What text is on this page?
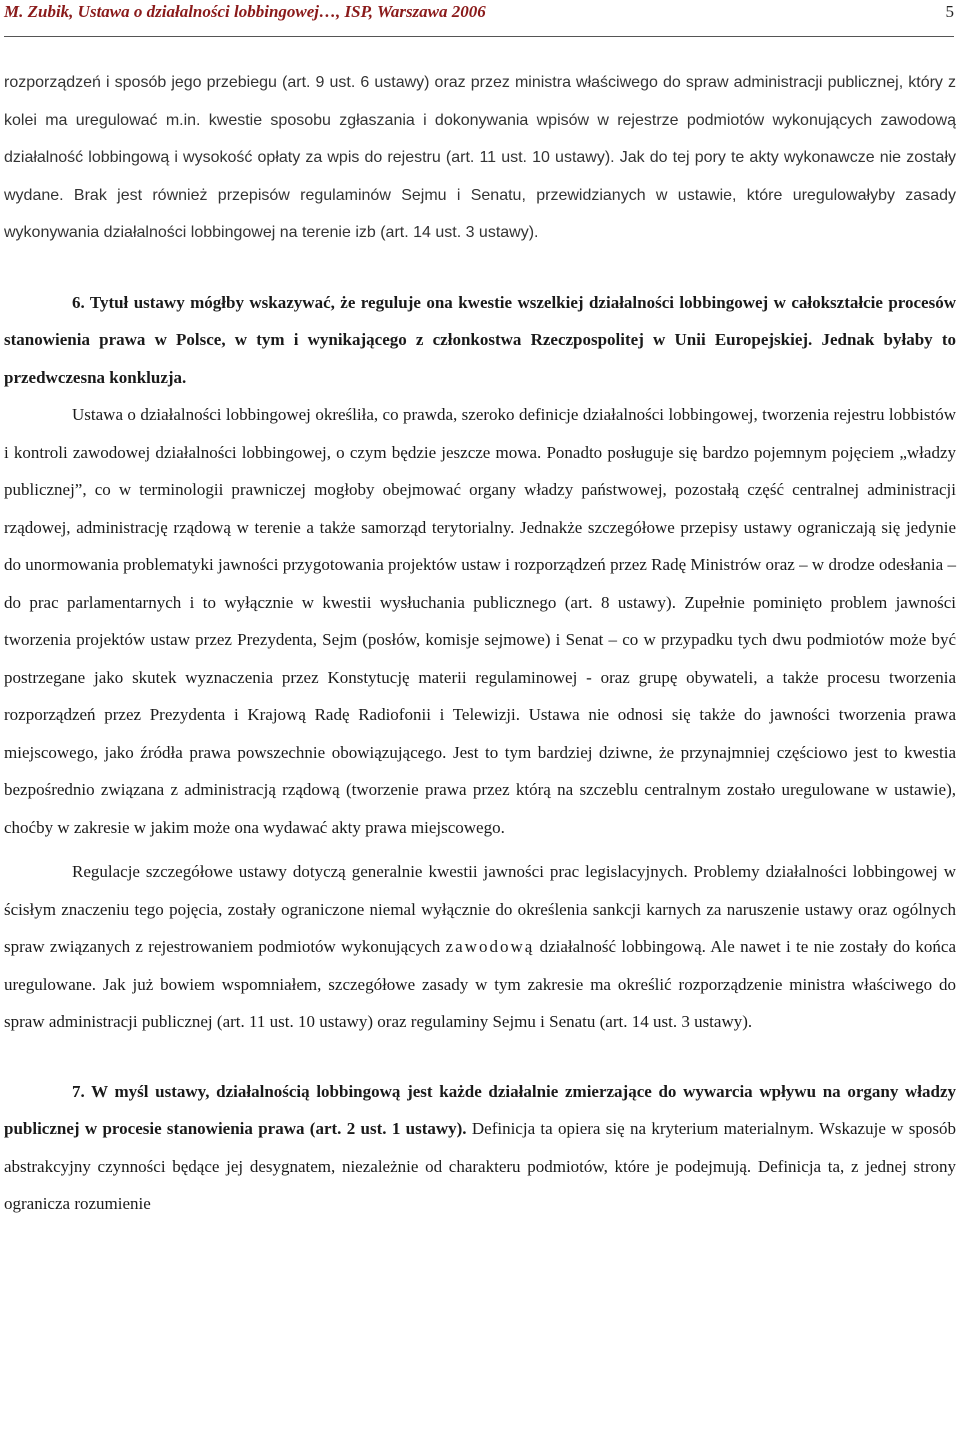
M. Zubik, Ustawa o działalności lobbingowej…, ISP, Warszawa 2006	5

rozporządzeń i sposób jego przebiegu (art. 9 ust. 6 ustawy) oraz przez ministra właściwego do spraw administracji publicznej, który z kolei ma uregulować m.in. kwestie sposobu zgłaszania i dokonywania wpisów w rejestrze podmiotów wykonujących zawodową działalność lobbingową i wysokość opłaty za wpis do rejestru (art. 11 ust. 10 ustawy). Jak do tej pory te akty wykonawcze nie zostały wydane. Brak jest również przepisów regulaminów Sejmu i Senatu, przewidzianych w ustawie, które uregulowałyby zasady wykonywania działalności lobbingowej na terenie izb (art. 14 ust. 3 ustawy).

6. Tytuł ustawy mógłby wskazywać, że reguluje ona kwestie wszelkiej działalności lobbingowej w całokształcie procesów stanowienia prawa w Polsce, w tym i wynikającego z członkostwa Rzeczpospolitej w Unii Europejskiej. Jednak byłaby to przedwczesna konkluzja.

Ustawa o działalności lobbingowej określiła, co prawda, szeroko definicje działalności lobbingowej, tworzenia rejestru lobbistów i kontroli zawodowej działalności lobbingowej, o czym będzie jeszcze mowa. Ponadto posługuje się bardzo pojemnym pojęciem „władzy publicznej”, co w terminologii prawniczej mogłoby obejmować organy władzy państwowej, pozostałą część centralnej administracji rządowej, administrację rządową w terenie a także samorząd terytorialny. Jednakże szczegółowe przepisy ustawy ograniczają się jedynie do unormowania problematyki jawności przygotowania projektów ustaw i rozporządzeń przez Radę Ministrów oraz – w drodze odesłania – do prac parlamentarnych i to wyłącznie w kwestii wysłuchania publicznego (art. 8 ustawy). Zupełnie pominięto problem jawności tworzenia projektów ustaw przez Prezydenta, Sejm (posłów, komisje sejmowe) i Senat – co w przypadku tych dwu podmiotów może być postrzegane jako skutek wyznaczenia przez Konstytucję materii regulaminowej - oraz grupę obywateli, a także procesu tworzenia rozporządzeń przez Prezydenta i Krajową Radę Radiofonii i Telewizji. Ustawa nie odnosi się także do jawności tworzenia prawa miejscowego, jako źródła prawa powszechnie obowiązującego. Jest to tym bardziej dziwne, że przynajmniej częściowo jest to kwestia bezpośrednio związana z administracją rządową (tworzenie prawa przez którą na szczeblu centralnym zostało uregulowane w ustawie), choćby w zakresie w jakim może ona wydawać akty prawa miejscowego.

Regulacje szczegółowe ustawy dotyczą generalnie kwestii jawności prac legislacyjnych. Problemy działalności lobbingowej w ścisłym znaczeniu tego pojęcia, zostały ograniczone niemal wyłącznie do określenia sankcji karnych za naruszenie ustawy oraz ogólnych spraw związanych z rejestrowaniem podmiotów wykonujących zawodową działalność lobbingową. Ale nawet i te nie zostały do końca uregulowane. Jak już bowiem wspomniałem, szczegółowe zasady w tym zakresie ma określić rozporządzenie ministra właściwego do spraw administracji publicznej (art. 11 ust. 10 ustawy) oraz regulaminy Sejmu i Senatu (art. 14 ust. 3 ustawy).

7. W myśl ustawy, działalnością lobbingową jest każde działalnie zmierzające do wywarcia wpływu na organy władzy publicznej w procesie stanowienia prawa (art. 2 ust. 1 ustawy). Definicja ta opiera się na kryterium materialnym. Wskazuje w sposób abstrakcyjny czynności będące jej desygnatem, niezależnie od charakteru podmiotów, które je podejmują. Definicja ta, z jednej strony ogranicza rozumienie
